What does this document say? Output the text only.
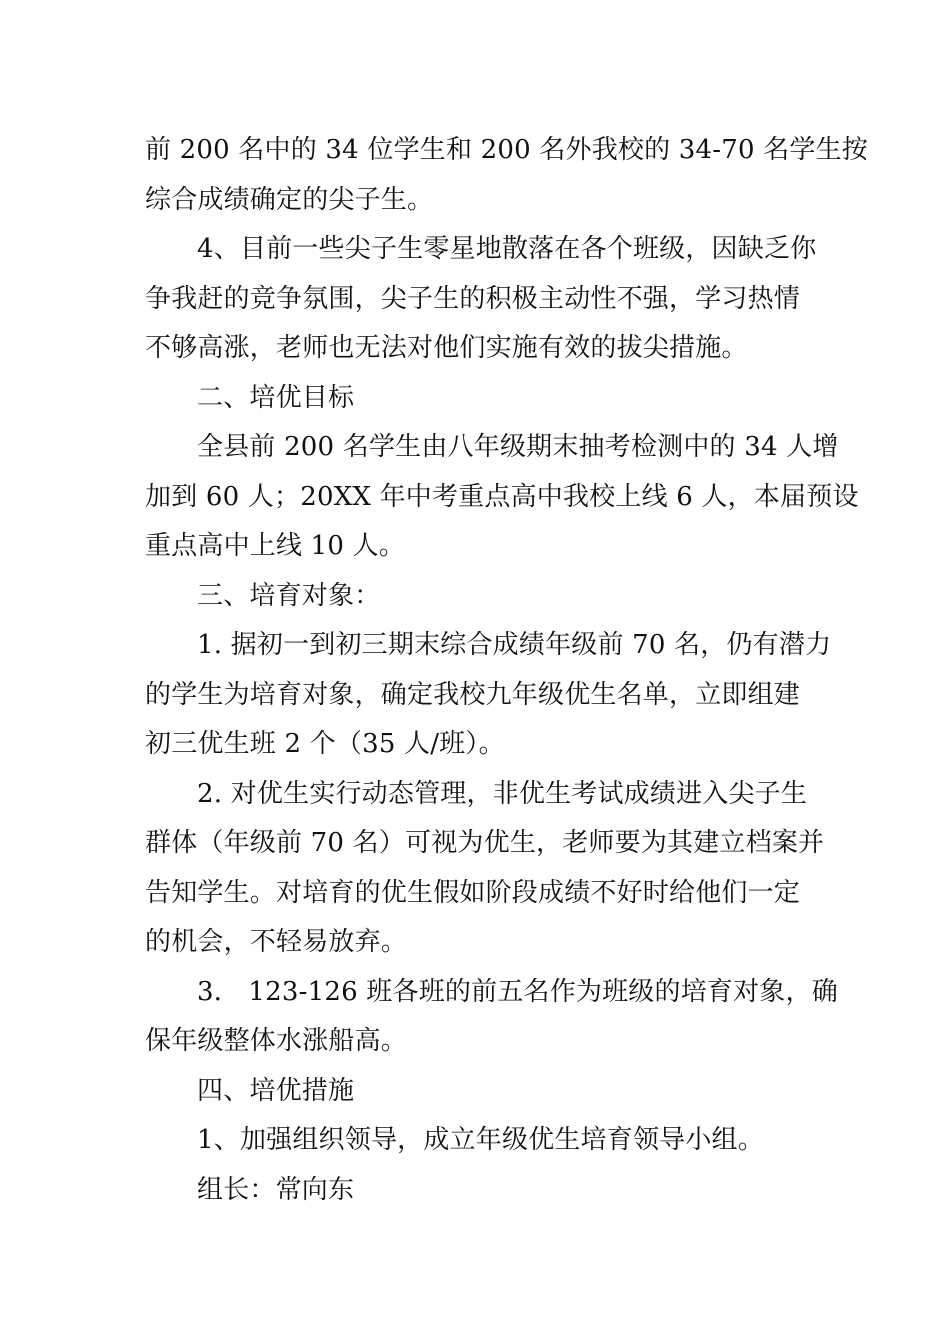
前 200 名中的 34 位学生和 200 名外我校的 34-70 名学生按
综合成绩确定的尖子生。
4、目前一些尖子生零星地散落在各个班级，因缺乏你
争我赶的竞争氛围，尖子生的积极主动性不强，学习热情
不够高涨，老师也无法对他们实施有效的拔尖措施。
二、培优目标
全县前 200 名学生由八年级期末抽考检测中的 34 人增
加到 60 人；20XX 年中考重点高中我校上线 6 人，本届预设
重点高中上线 10 人。
三、培育对象：
1. 据初一到初三期末综合成绩年级前 70 名，仍有潜力
的学生为培育对象，确定我校九年级优生名单，立即组建
初三优生班 2 个（35 人/班）。
2. 对优生实行动态管理，非优生考试成绩进入尖子生
群体（年级前 70 名）可视为优生，老师要为其建立档案并
告知学生。对培育的优生假如阶段成绩不好时给他们一定
的机会，不轻易放弃。
3． 123-126 班各班的前五名作为班级的培育对象，确
保年级整体水涨船高。
四、培优措施
1、加强组织领导，成立年级优生培育领导小组。
组长：常向东
